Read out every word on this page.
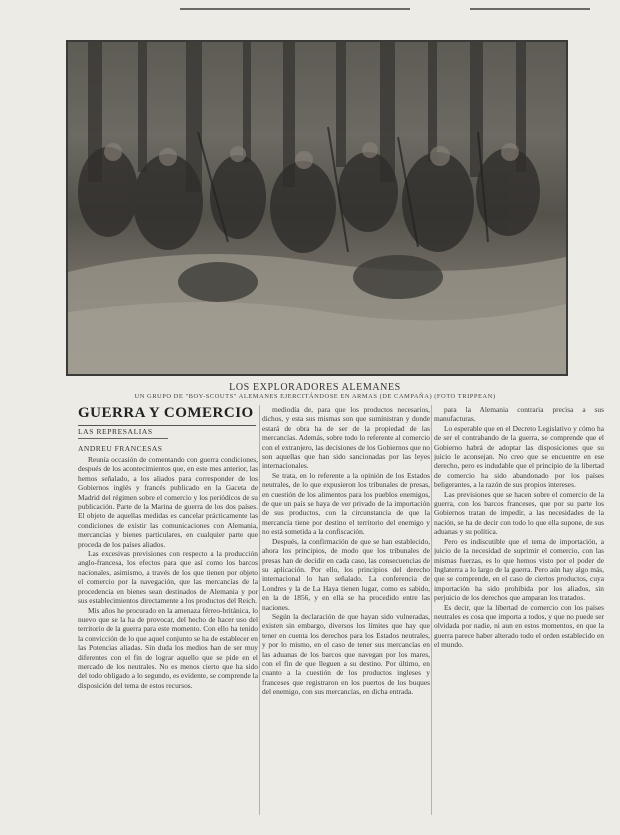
LOS EXPLORADORES ALEMANES
UN GRUPO DE "BOY-SCOUTS" ALEMANES EJERCITÁNDOSE EN ARMAS (DE CAMPAÑA) (FOTO TRIPPEAN)
GUERRA Y COMERCIO
LAS REPRESALIAS
ANDREU FRANCESAS

Reunía occasión de comentando con guerra condiciones, después de los acontecimientos que, en este mes anterior, las hemos señalado, a los aliados para corresponder de los Gobiernos inglés y francés publicado en la Gaceta de Madrid del régimen sobre el comercio y los periódicos de su publicación. Parte de la Marina de guerra de los dos países. El objeto de aquellas medidas es cancelar prácticamente las condiciones de existir las comunicaciones con Alemania, mercancías y bienes particulares, en cualquier parte que proceda de los países aliados.

Las excesivas previsiones con respecto a la producción anglo-francesa, los efectos para que así como los barcos nacionales, asimismo, a través de los que tienen por objeto el comercio por la navegación, que las mercancías de la procedencia en bienes sean destinados de Alemania y por sus establecimientos directamente a los productos del Reich.

Mis años he procurado en la amenaza férreo-británica, lo nuevo que se la ha de provocar, del hecho de hacer uso del territorio de la guerra para este momento. Con ello ha tenido la convicción de lo que aquel conjunto se ha de establecer en las Potencias aliadas. Sin duda los medios han de ser muy diferentes con el fin de lograr aquello que se pide en el mercado de los neutrales. No es menos cierto que ha sido del todo obligado a lo segundo, es evidente, se comprende la disposición del tema de estos recursos.

mediodía de, para que los productos necesarios, dichos, y esta sus mismas son que suministran y donde estará de obra ha de ser de la propiedad de las mercancías. Además, sobre todo lo referente al comercio con el extranjero, las decisiones de los Gobiernos que no son aquellas que han sido sancionadas por las leyes internacionales.

Se trata, en lo referente a la opinión de los Estados neutrales, de lo que expusieron los tribunales de presas, en cuestión de los alimentos para los pueblos enemigos, de que un país se haya de ver privado de la importación de sus productos, con la circunstancia de que la mercancía tiene por destino el territorio del enemigo y no está sometida a la confiscación.

Después, la confirmación de que se han establecido, ahora los principios, de modo que los tribunales de presas han de decidir en cada caso, las consecuencias de su aplicación. Por ello, los principios del derecho internacional lo han señalado. La conferencia de Londres y la de La Haya tienen lugar, como es sabido, en la de 1856, y en ella se ha procedido entre las naciones.

Según la declaración de que hayan sido vulneradas, existen sin embargo, diversos los límites que hay que tener en cuenta los derechos para los Estados neutrales, y por lo mismo, en el caso de tener sus mercancías en las aduanas de los barcos que navegan por los mares, con el fin de que lleguen a su destino. Por último, en cuanto a la cuestión de los productos ingleses y franceses que registraron en los puertos de los buques del enemigo, con sus mercancías, en dicha entrada.

para la Alemania contraria precisa a sus manufacturas.

Lo esperable que en el Decreto Legislativo y cómo ha de ser el contrabando de la guerra, se comprende que el Gobierno habrá de adoptar las disposiciones que su juicio le aconsejan. No creo que se encuentre en ese derecho, pero es indudable que el principio de la libertad de comercio ha sido abandonado por los países beligerantes, a la razón de sus propios intereses.

Las previsiones que se hacen sobre el comercio de la guerra, con los barcos franceses, que por su parte los Gobiernos tratan de impedir, a las necesidades de la nación, se ha de decir con todo lo que ella supone, de sus aduanas y su política.

Pero es indiscutible que el tema de importación, a juicio de la necesidad de suprimir el comercio, con las mismas fuerzas, es lo que hemos visto por el poder de Inglaterra a lo largo de la guerra. Pero aún hay algo más, que se comprende, en el caso de ciertos productos, cuya importación ha sido prohibida por los aliados, sin perjuicio de los derechos que amparan los tratados.

Es decir, que la libertad de comercio con los países neutrales es cosa que importa a todos, y que no puede ser olvidada por nadie, ni aun en estos momentos, en que la guerra parece haber alterado todo el orden establecido en el mundo.
